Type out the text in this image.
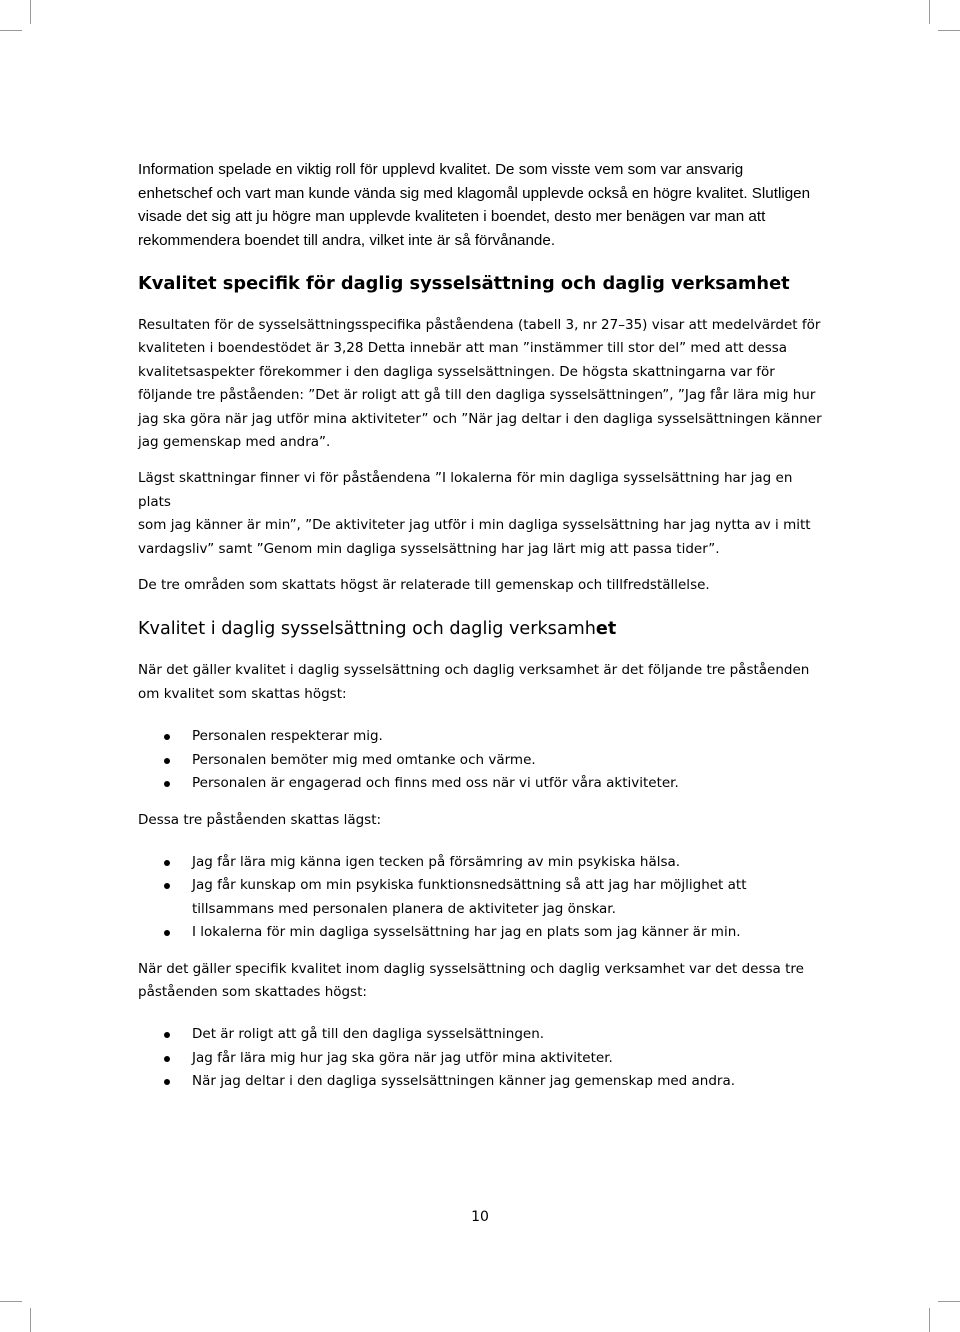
Information spelade en viktig roll för upplevd kvalitet. De som visste vem som var ansvarig
enhetschef och vart man kunde vända sig med klagomål upplevde också en högre kvalitet. Slutligen
visade det sig att ju högre man upplevde kvaliteten i boendet, desto mer benägen var man att
rekommendera boendet till andra, vilket inte är så förvånande.

Kvalitet specifik för daglig sysselsättning och daglig verksamhet

Resultaten för de sysselsättningsspecifika påståendena (tabell 3, nr 27–35) visar att medelvärdet för
kvaliteten i boendestödet är 3,28 Detta innebär att man ”instämmer till stor del” med att dessa
kvalitetsaspekter förekommer i den dagliga sysselsättningen. De högsta skattningarna var för
följande tre påståenden: ”Det är roligt att gå till den dagliga sysselsättningen”, ”Jag får lära mig hur
jag ska göra när jag utför mina aktiviteter” och ”När jag deltar i den dagliga sysselsättningen känner
jag gemenskap med andra”.

Lägst skattningar finner vi för påståendena ”I lokalerna för min dagliga sysselsättning har jag en plats
som jag känner är min”, ”De aktiviteter jag utför i min dagliga sysselsättning har jag nytta av i mitt
vardagsliv” samt ”Genom min dagliga sysselsättning har jag lärt mig att passa tider”.

De tre områden som skattats högst är relaterade till gemenskap och tillfredställelse.

Kvalitet i daglig sysselsättning och daglig verksamhet

När det gäller kvalitet i daglig sysselsättning och daglig verksamhet är det följande tre påståenden
om kvalitet som skattas högst:

Personalen respekterar mig.
Personalen bemöter mig med omtanke och värme.
Personalen är engagerad och finns med oss när vi utför våra aktiviteter.

Dessa tre påståenden skattas lägst:

Jag får lära mig känna igen tecken på försämring av min psykiska hälsa.
Jag får kunskap om min psykiska funktionsnedsättning så att jag har möjlighet att
tillsammans med personalen planera de aktiviteter jag önskar.
I lokalerna för min dagliga sysselsättning har jag en plats som jag känner är min.

När det gäller specifik kvalitet inom daglig sysselsättning och daglig verksamhet var det dessa tre
påståenden som skattades högst:

Det är roligt att gå till den dagliga sysselsättningen.
Jag får lära mig hur jag ska göra när jag utför mina aktiviteter.
När jag deltar i den dagliga sysselsättningen känner jag gemenskap med andra.
10
